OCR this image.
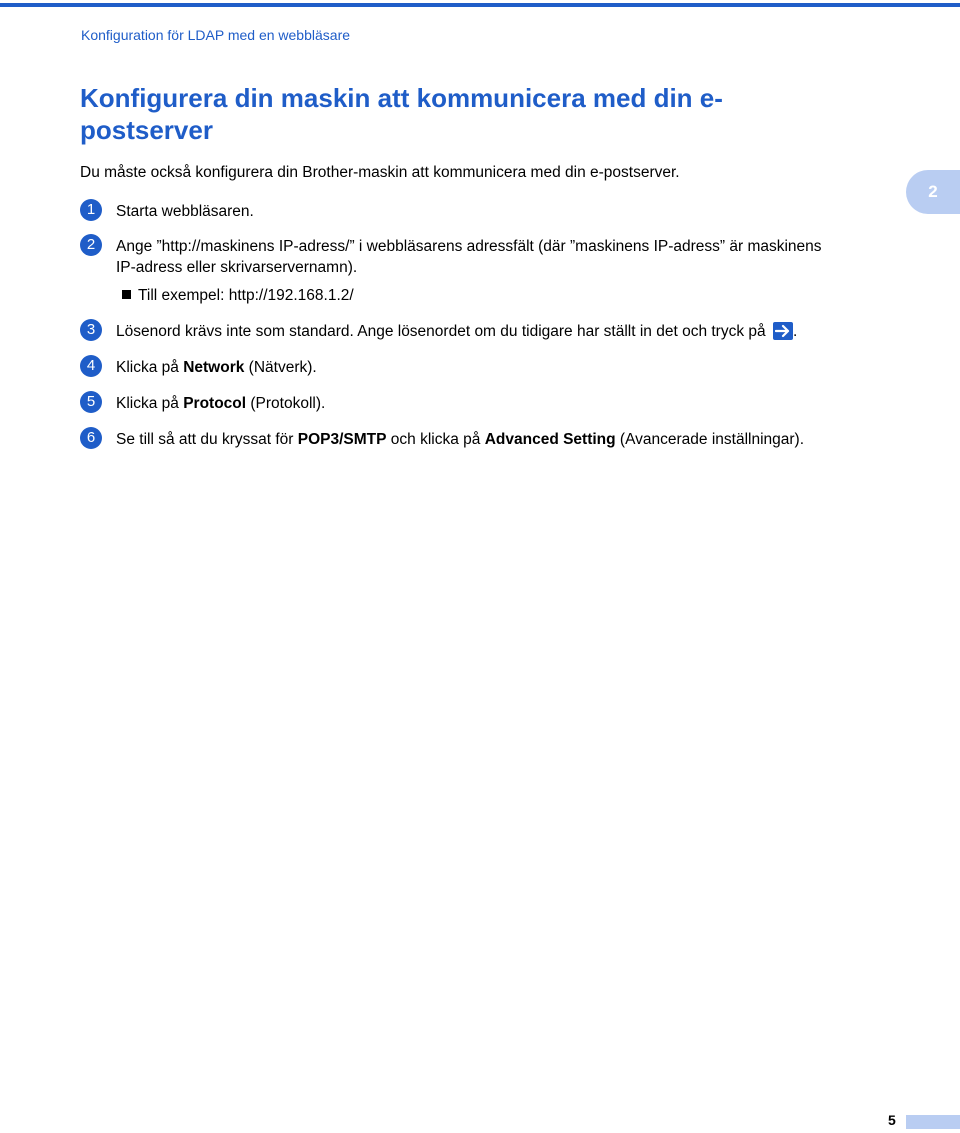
Konfiguration för LDAP med en webbläsare
Konfigurera din maskin att kommunicera med din e-postserver
Du måste också konfigurera din Brother-maskin att kommunicera med din e-postserver.
2
1	Starta webbläsaren.
2	Ange ”http://maskinens IP-adress/” i webbläsarens adressfält (där ”maskinens IP-adress” är maskinens
IP-adress eller skrivarservernamn).
Till exempel: http://192.168.1.2/
3	Lösenord krävs inte som standard. Ange lösenordet om du tidigare har ställt in det och tryck på .
4	Klicka på Network (Nätverk).
5	Klicka på Protocol (Protokoll).
6	Se till så att du kryssat för POP3/SMTP och klicka på Advanced Setting (Avancerade inställningar).
5
